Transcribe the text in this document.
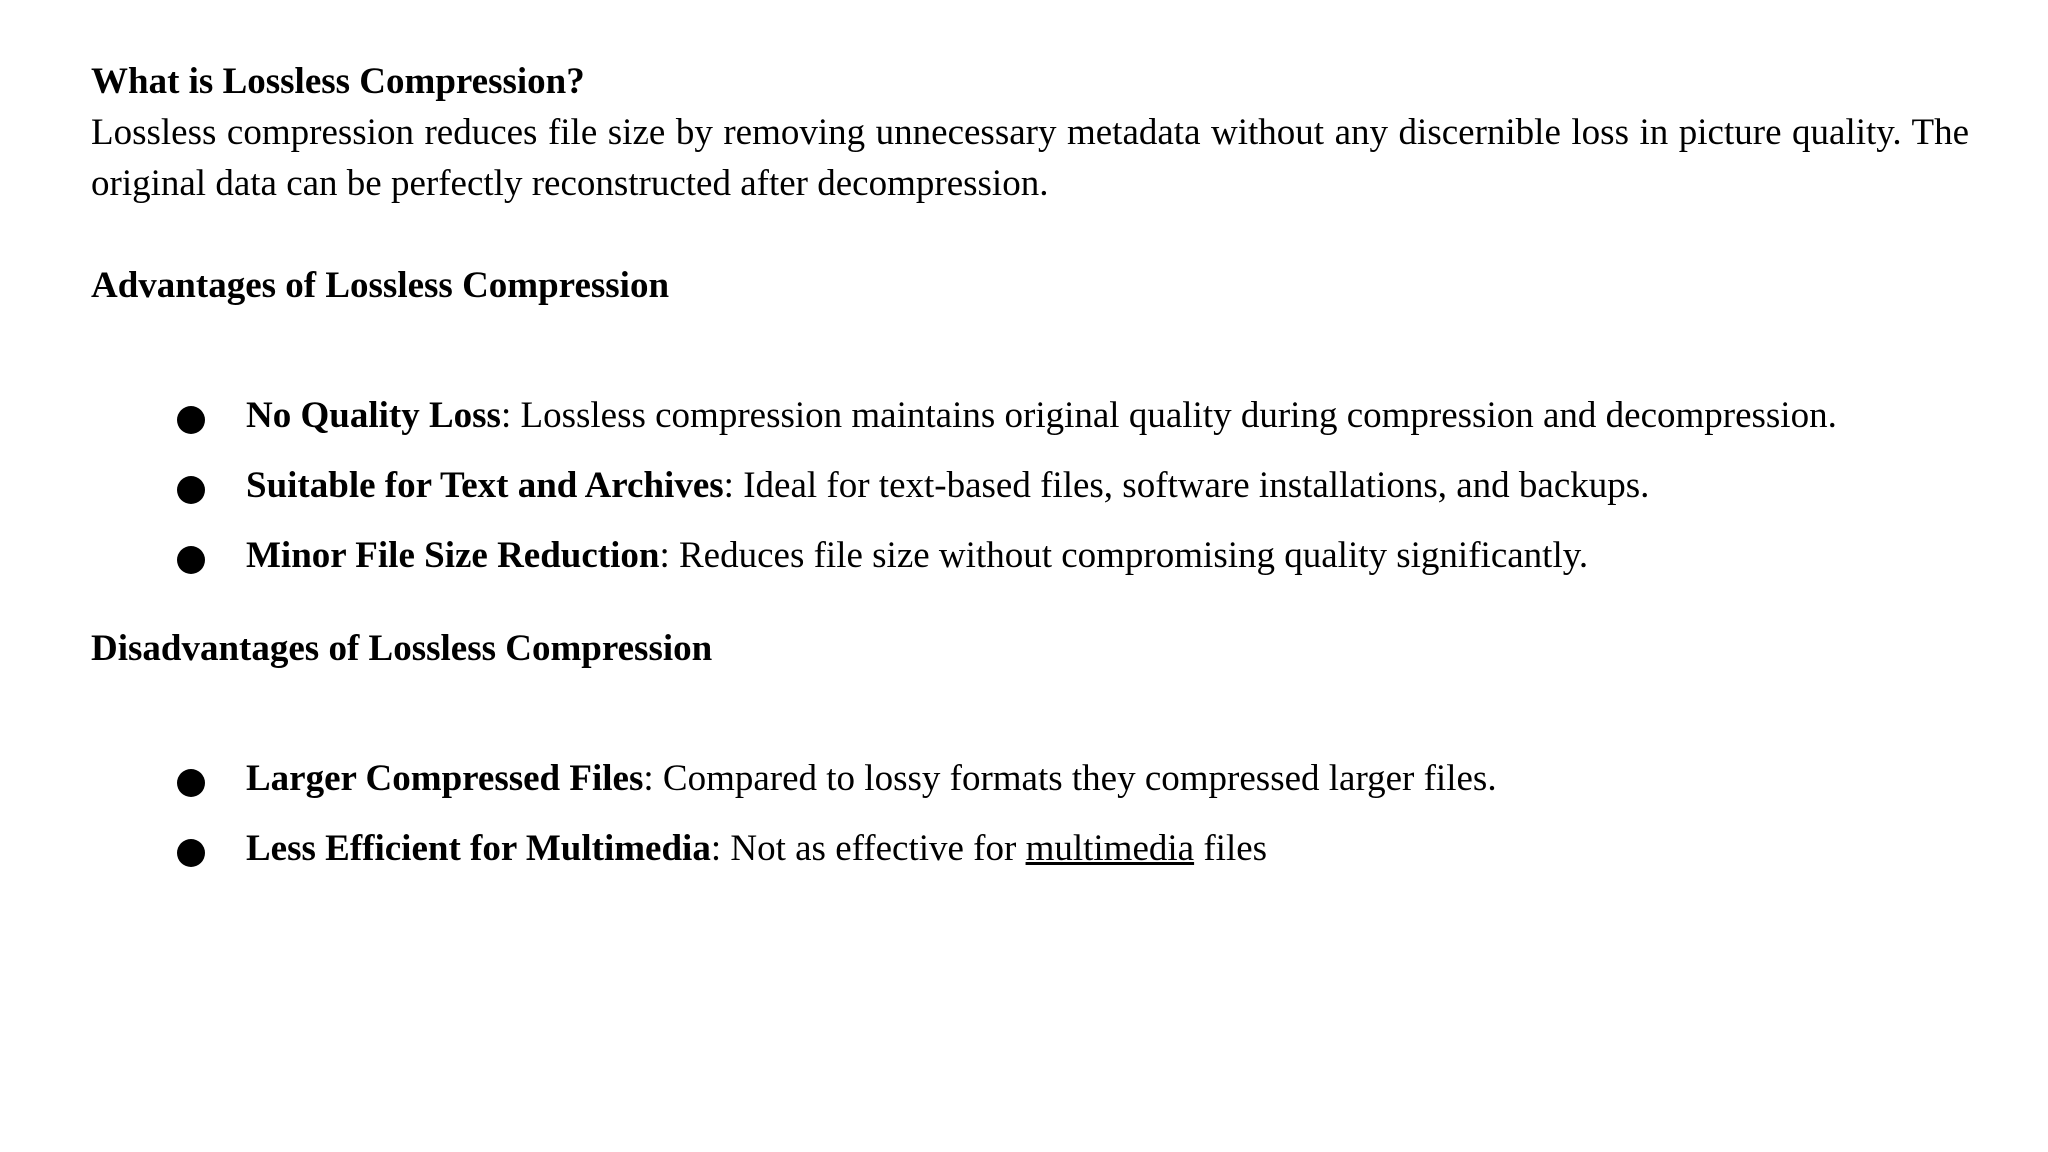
What is Lossless Compression?

Lossless compression reduces file size by removing unnecessary metadata without any discernible loss in picture quality. The original data can be perfectly reconstructed after decompression.

Advantages of Lossless Compression

No Quality Loss: Lossless compression maintains original quality during compression and decompression.
Suitable for Text and Archives: Ideal for text-based files, software installations, and backups.
Minor File Size Reduction: Reduces file size without compromising quality significantly.

Disadvantages of Lossless Compression

Larger Compressed Files: Compared to lossy formats they compressed larger files.
Less Efficient for Multimedia: Not as effective for multimedia files
